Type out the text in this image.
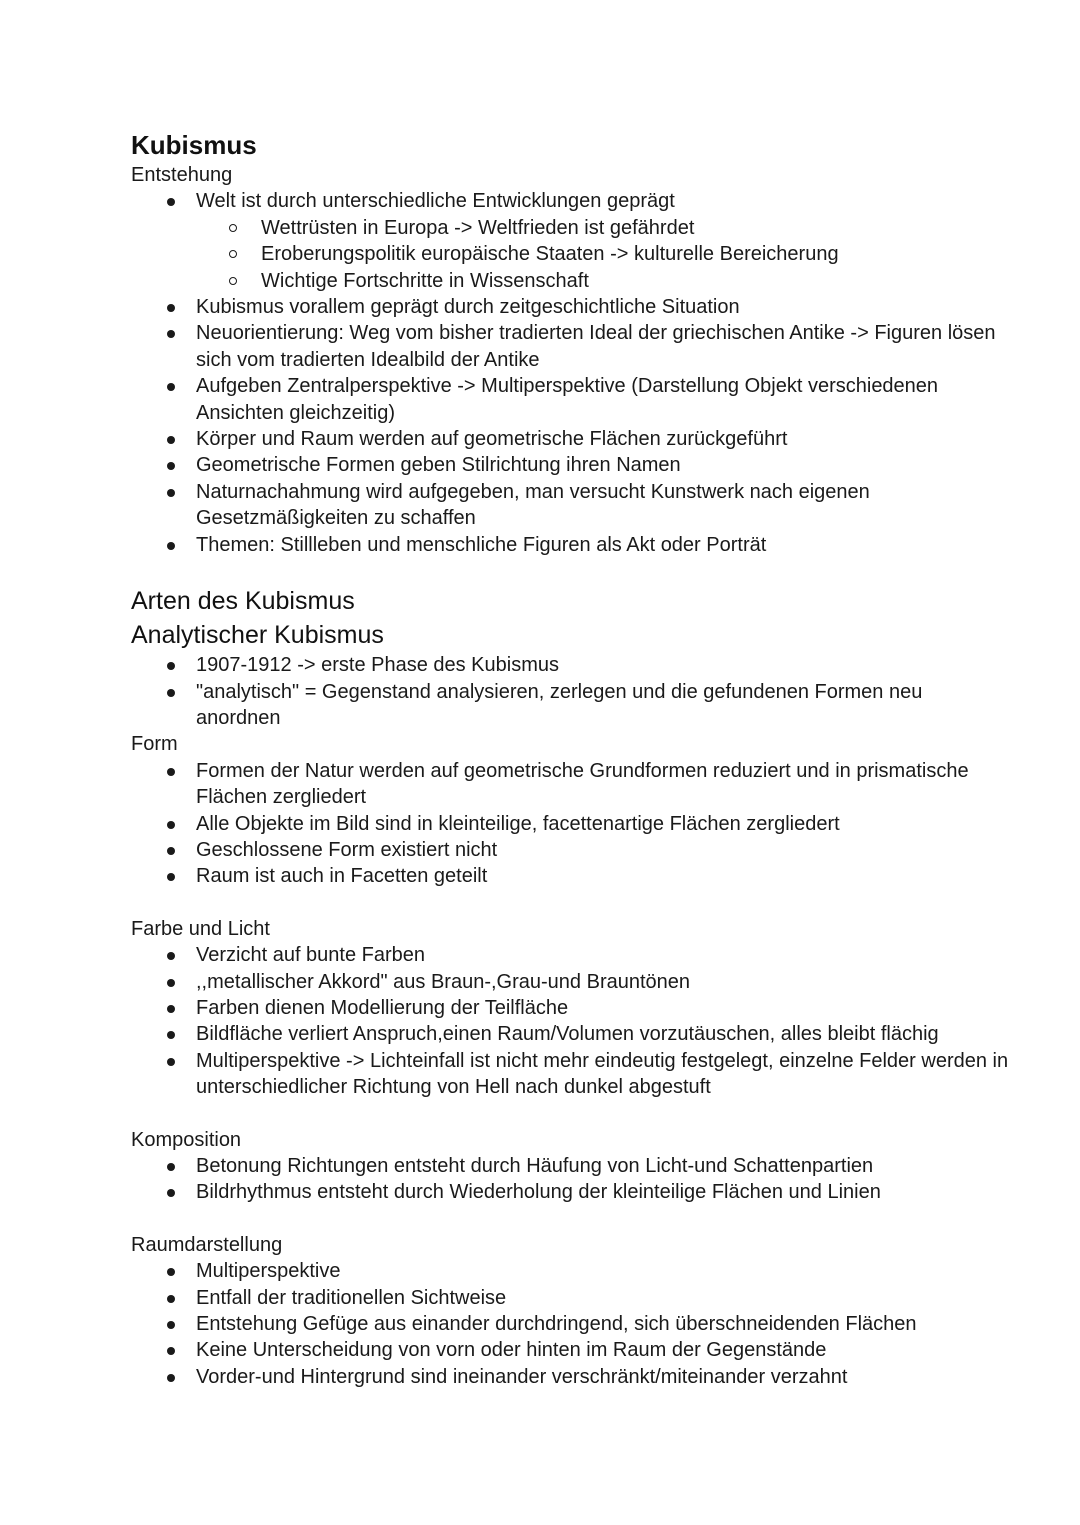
Kubismus
Entstehung
Welt ist durch unterschiedliche Entwicklungen geprägt
Wettrüsten in Europa -> Weltfrieden ist gefährdet
Eroberungspolitik europäische Staaten -> kulturelle Bereicherung
Wichtige Fortschritte in Wissenschaft
Kubismus vorallem geprägt durch zeitgeschichtliche Situation
Neuorientierung: Weg vom bisher tradierten Ideal der griechischen Antike -> Figuren lösen sich vom tradierten Idealbild der Antike
Aufgeben Zentralperspektive -> Multiperspektive (Darstellung Objekt verschiedenen Ansichten gleichzeitig)
Körper und Raum werden auf geometrische Flächen zurückgeführt
Geometrische Formen geben Stilrichtung ihren Namen
Naturnachahmung wird aufgegeben, man versucht Kunstwerk nach eigenen Gesetzmäßigkeiten zu schaffen
Themen: Stillleben und menschliche Figuren als Akt oder Porträt
Arten des Kubismus
Analytischer Kubismus
1907-1912 -> erste Phase des Kubismus
"analytisch" = Gegenstand analysieren, zerlegen und die gefundenen Formen neu anordnen
Form
Formen der Natur werden auf geometrische Grundformen reduziert und in prismatische Flächen zergliedert
Alle Objekte im Bild sind in kleinteilige, facettenartige Flächen zergliedert
Geschlossene Form existiert nicht
Raum ist auch in Facetten geteilt
Farbe und Licht
Verzicht auf bunte Farben
,,metallischer Akkord" aus Braun-,Grau-und Brauntönen
Farben dienen Modellierung der Teilfläche
Bildfläche verliert Anspruch,einen Raum/Volumen vorzutäuschen, alles bleibt flächig
Multiperspektive -> Lichteinfall ist nicht mehr eindeutig festgelegt, einzelne Felder werden in unterschiedlicher Richtung von Hell nach dunkel abgestuft
Komposition
Betonung Richtungen entsteht durch Häufung von Licht-und Schattenpartien
Bildrhythmus entsteht durch Wiederholung der kleinteilige Flächen und Linien
Raumdarstellung
Multiperspektive
Entfall der traditionellen Sichtweise
Entstehung Gefüge aus einander durchdringend, sich überschneidenden Flächen
Keine Unterscheidung von vorn oder hinten im Raum der Gegenstände
Vorder-und Hintergrund sind ineinander verschränkt/miteinander verzahnt
